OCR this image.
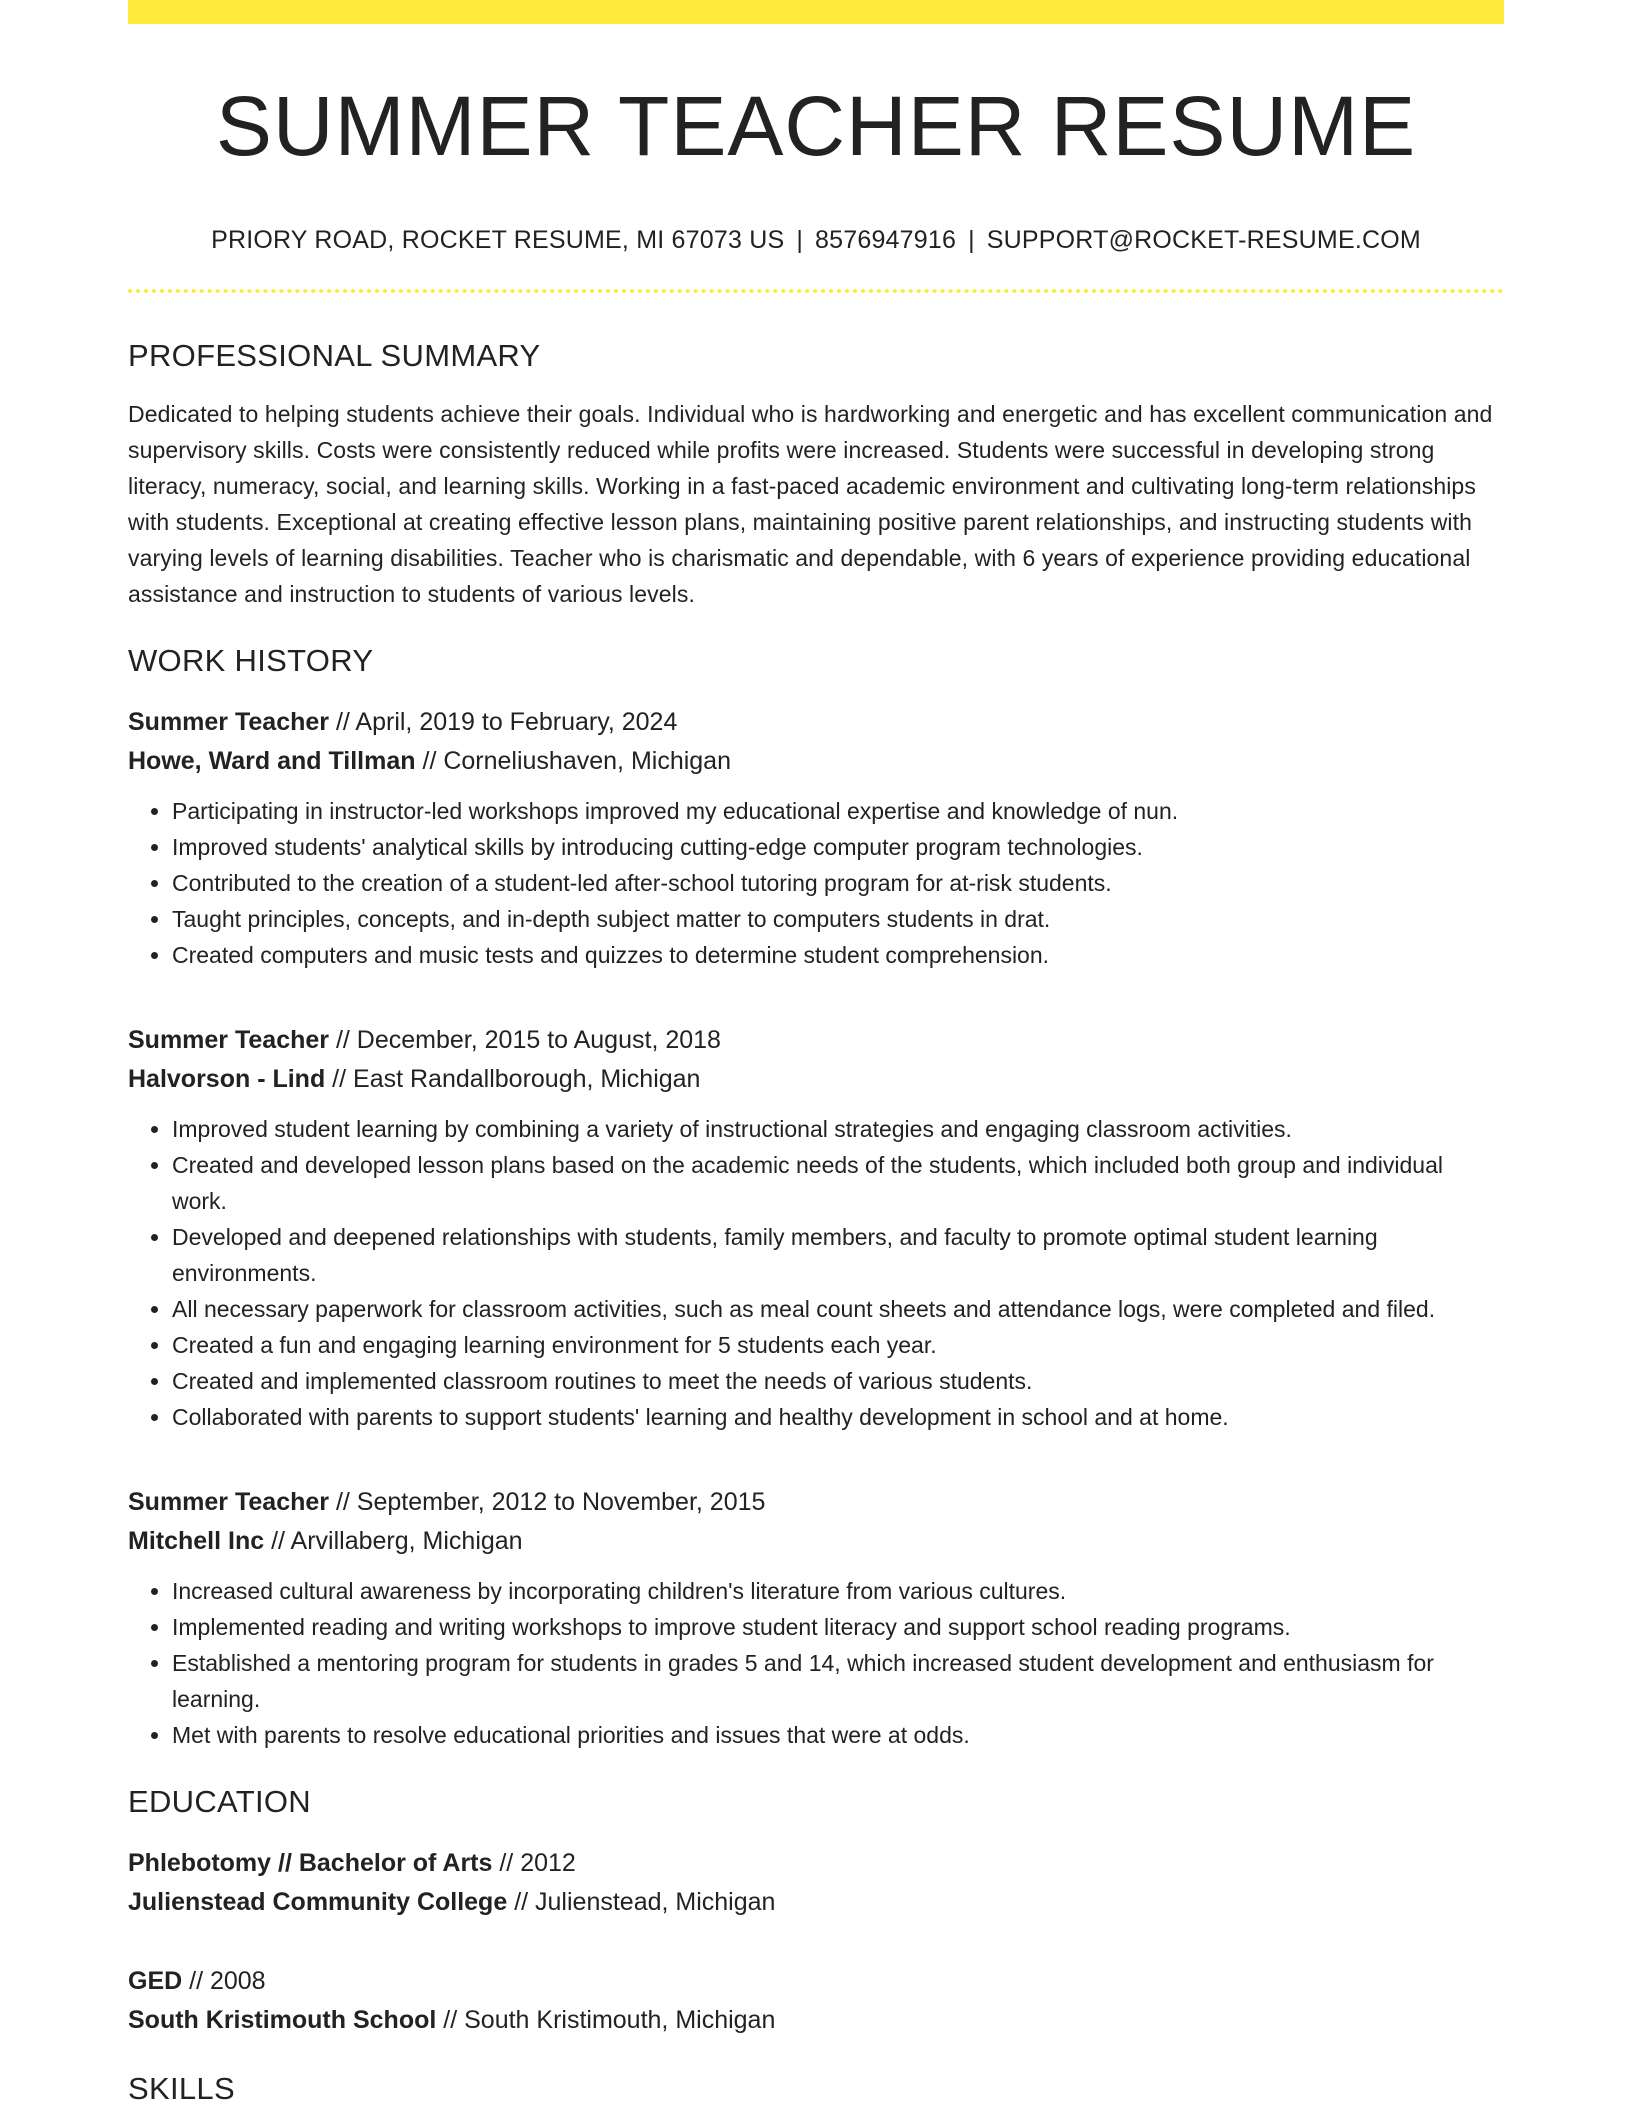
SUMMER TEACHER RESUME
PRIORY ROAD, ROCKET RESUME, MI 67073 US | 8576947916 | SUPPORT@ROCKET-RESUME.COM
PROFESSIONAL SUMMARY
Dedicated to helping students achieve their goals. Individual who is hardworking and energetic and has excellent communication and supervisory skills. Costs were consistently reduced while profits were increased. Students were successful in developing strong literacy, numeracy, social, and learning skills. Working in a fast-paced academic environment and cultivating long-term relationships with students. Exceptional at creating effective lesson plans, maintaining positive parent relationships, and instructing students with varying levels of learning disabilities. Teacher who is charismatic and dependable, with 6 years of experience providing educational assistance and instruction to students of various levels.
WORK HISTORY
Summer Teacher // April, 2019 to February, 2024
Howe, Ward and Tillman // Corneliushaven, Michigan
• Participating in instructor-led workshops improved my educational expertise and knowledge of nun.
• Improved students' analytical skills by introducing cutting-edge computer program technologies.
• Contributed to the creation of a student-led after-school tutoring program for at-risk students.
• Taught principles, concepts, and in-depth subject matter to computers students in drat.
• Created computers and music tests and quizzes to determine student comprehension.
Summer Teacher // December, 2015 to August, 2018
Halvorson - Lind // East Randallborough, Michigan
• Improved student learning by combining a variety of instructional strategies and engaging classroom activities.
• Created and developed lesson plans based on the academic needs of the students, which included both group and individual work.
• Developed and deepened relationships with students, family members, and faculty to promote optimal student learning environments.
• All necessary paperwork for classroom activities, such as meal count sheets and attendance logs, were completed and filed.
• Created a fun and engaging learning environment for 5 students each year.
• Created and implemented classroom routines to meet the needs of various students.
• Collaborated with parents to support students' learning and healthy development in school and at home.
Summer Teacher // September, 2012 to November, 2015
Mitchell Inc // Arvillaberg, Michigan
• Increased cultural awareness by incorporating children's literature from various cultures.
• Implemented reading and writing workshops to improve student literacy and support school reading programs.
• Established a mentoring program for students in grades 5 and 14, which increased student development and enthusiasm for learning.
• Met with parents to resolve educational priorities and issues that were at odds.
EDUCATION
Phlebotomy // Bachelor of Arts // 2012
Julienstead Community College // Julienstead, Michigan
GED // 2008
South Kristimouth School // South Kristimouth, Michigan
SKILLS
